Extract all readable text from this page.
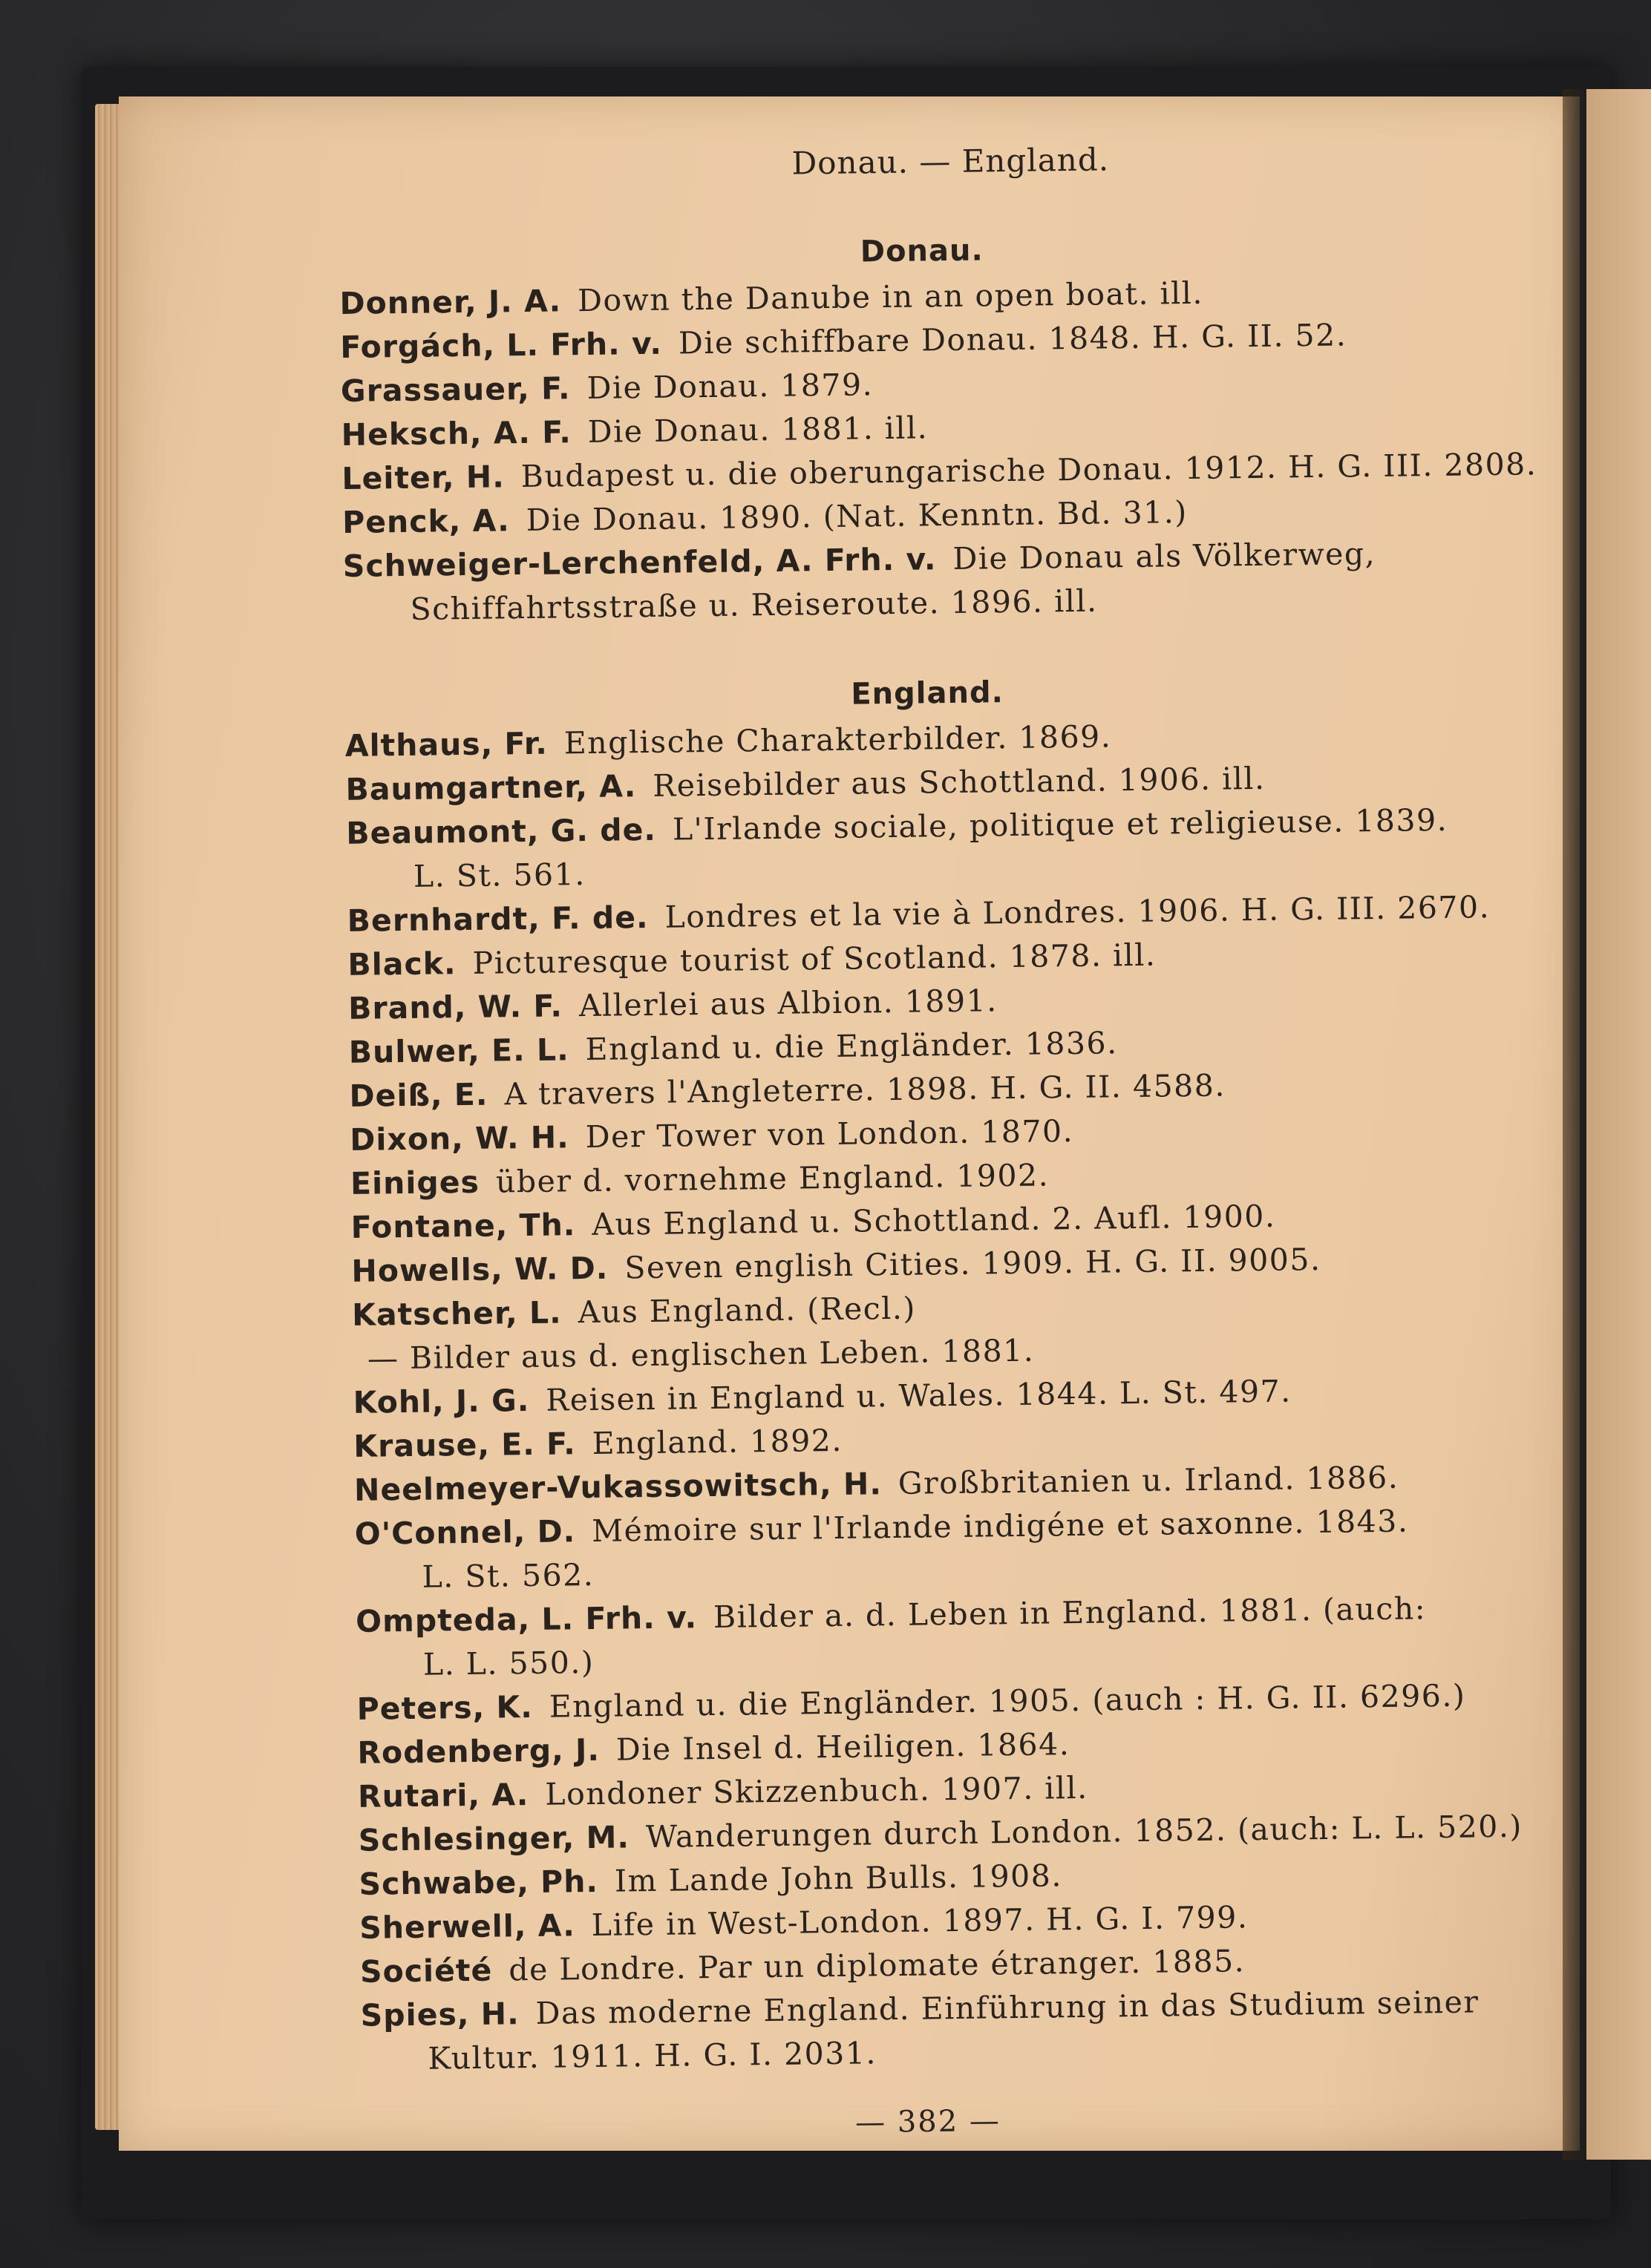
Donau. — England.
Donau.
Donner, J. A. Down the Danube in an open boat. ill.
Forgách, L. Frh. v. Die schiffbare Donau. 1848. H. G. II. 52.
Grassauer, F. Die Donau. 1879.
Heksch, A. F. Die Donau. 1881. ill.
Leiter, H. Budapest u. die oberungarische Donau. 1912. H. G. III. 2808.
Penck, A. Die Donau. 1890. (Nat. Kenntn. Bd. 31.)
Schweiger-Lerchenfeld, A. Frh. v. Die Donau als Völkerweg,
Schiffahrtsstraße u. Reiseroute. 1896. ill.
England.
Althaus, Fr. Englische Charakterbilder. 1869.
Baumgartner, A. Reisebilder aus Schottland. 1906. ill.
Beaumont, G. de. L'Irlande sociale, politique et religieuse. 1839.
L. St. 561.
Bernhardt, F. de. Londres et la vie à Londres. 1906. H. G. III. 2670.
Black. Picturesque tourist of Scotland. 1878. ill.
Brand, W. F. Allerlei aus Albion. 1891.
Bulwer, E. L. England u. die Engländer. 1836.
Deiß, E. A travers l'Angleterre. 1898. H. G. II. 4588.
Dixon, W. H. Der Tower von London. 1870.
Einiges über d. vornehme England. 1902.
Fontane, Th. Aus England u. Schottland. 2. Aufl. 1900.
Howells, W. D. Seven english Cities. 1909. H. G. II. 9005.
Katscher, L. Aus England. (Recl.)
— Bilder aus d. englischen Leben. 1881.
Kohl, J. G. Reisen in England u. Wales. 1844. L. St. 497.
Krause, E. F. England. 1892.
Neelmeyer-Vukassowitsch, H. Großbritanien u. Irland. 1886.
O'Connel, D. Mémoire sur l'Irlande indigéne et saxonne. 1843.
L. St. 562.
Ompteda, L. Frh. v. Bilder a. d. Leben in England. 1881. (auch:
L. L. 550.)
Peters, K. England u. die Engländer. 1905. (auch : H. G. II. 6296.)
Rodenberg, J. Die Insel d. Heiligen. 1864.
Rutari, A. Londoner Skizzenbuch. 1907. ill.
Schlesinger, M. Wanderungen durch London. 1852. (auch: L. L. 520.)
Schwabe, Ph. Im Lande John Bulls. 1908.
Sherwell, A. Life in West-London. 1897. H. G. I. 799.
Société de Londre. Par un diplomate étranger. 1885.
Spies, H. Das moderne England. Einführung in das Studium seiner
Kultur. 1911. H. G. I. 2031.
— 382 —
